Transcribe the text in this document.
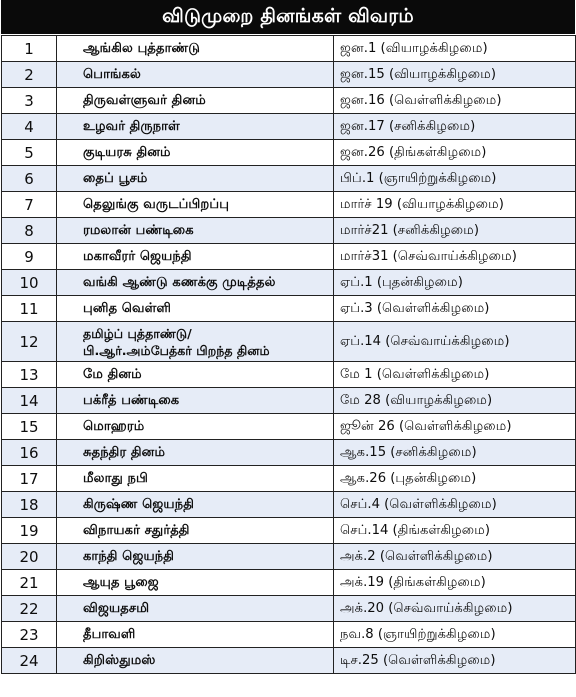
விடுமுறை தினங்கள் விவரம்
1	ஆங்கில புத்தாண்டு	ஜன.1 (வியாழக்கிழமை)
2	பொங்கல்	ஜன.15 (வியாழக்கிழமை)
3	திருவள்ளுவர் தினம்	ஜன.16 (வெள்ளிக்கிழமை)
4	உழவர் திருநாள்	ஜன.17 (சனிக்கிழமை)
5	குடியரசு தினம்	ஜன.26 (திங்கள்கிழமை)
6	தைப் பூசம்	பிப்.1 (ஞாயிற்றுக்கிழமை)
7	தெலுங்கு வருடப்பிறப்பு	மார்ச் 19 (வியாழக்கிழமை)
8	ரமலான் பண்டிகை	மார்ச்21 (சனிக்கிழமை)
9	மகாவீரர் ஜெயந்தி	மார்ச்31 (செவ்வாய்க்கிழமை)
10	வங்கி ஆண்டு கணக்கு முடித்தல்	ஏப்.1 (புதன்கிழமை)
11	புனித வெள்ளி	ஏப்.3 (வெள்ளிக்கிழமை)
12	தமிழ்ப் புத்தாண்டு/
பி.ஆர்.அம்பேத்கர் பிறந்த தினம்	ஏப்.14 (செவ்வாய்க்கிழமை)
13	மே தினம்	மே 1 (வெள்ளிக்கிழமை)
14	பக்ரீத் பண்டிகை	மே 28 (வியாழக்கிழமை)
15	மொஹரம்	ஜூன் 26 (வெள்ளிக்கிழமை)
16	சுதந்திர தினம்	ஆக.15 (சனிக்கிழமை)
17	மீலாது நபி	ஆக.26 (புதன்கிழமை)
18	கிருஷ்ண ஜெயந்தி	செப்.4 (வெள்ளிக்கிழமை)
19	விநாயகர் சதுர்த்தி	செப்.14 (திங்கள்கிழமை)
20	காந்தி ஜெயந்தி	அக்.2 (வெள்ளிக்கிழமை)
21	ஆயுத பூஜை	அக்.19 (திங்கள்கிழமை)
22	விஜயதசமி	அக்.20 (செவ்வாய்க்கிழமை)
23	தீபாவளி	நவ.8 (ஞாயிற்றுக்கிழமை)
24	கிறிஸ்துமஸ்	டிச.25 (வெள்ளிக்கிழமை)
